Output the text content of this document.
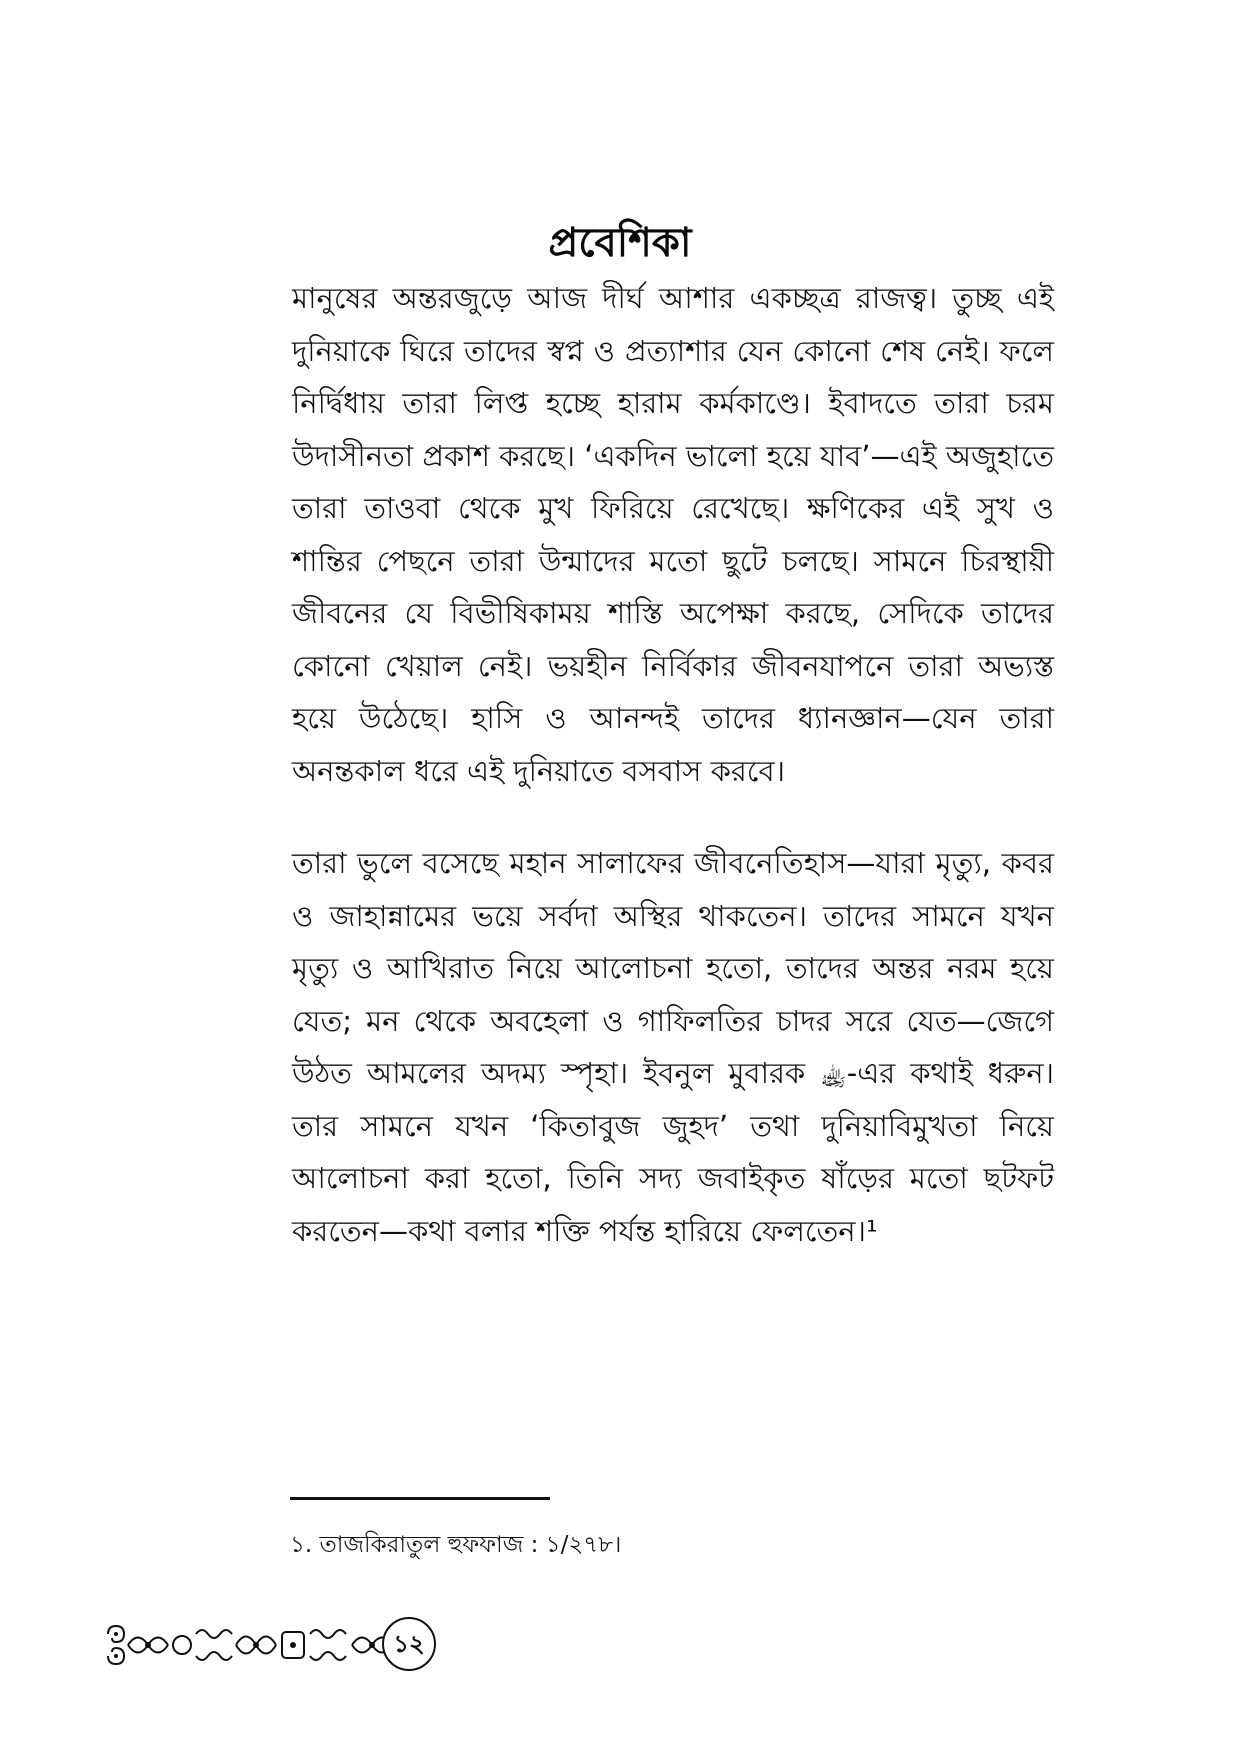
প্রবেশিকা

মানুষের অন্তরজুড়ে আজ দীর্ঘ আশার একচ্ছত্র রাজত্ব। তুচ্ছ এই দুনিয়াকে ঘিরে তাদের স্বপ্ন ও প্রত্যাশার যেন কোনো শেষ নেই। ফলে নির্দ্বিধায় তারা লিপ্ত হচ্ছে হারাম কর্মকাণ্ডে। ইবাদতে তারা চরম উদাসীনতা প্রকাশ করছে। ‘একদিন ভালো হয়ে যাব’—এই অজুহাতে তারা তাওবা থেকে মুখ ফিরিয়ে রেখেছে। ক্ষণিকের এই সুখ ও শান্তির পেছনে তারা উন্মাদের মতো ছুটে চলছে। সামনে চিরস্থায়ী জীবনের যে বিভীষিকাময় শাস্তি অপেক্ষা করছে, সেদিকে তাদের কোনো খেয়াল নেই। ভয়হীন নির্বিকার জীবনযাপনে তারা অভ্যস্ত হয়ে উঠেছে। হাসি ও আনন্দই তাদের ধ্যানজ্ঞান—যেন তারা অনন্তকাল ধরে এই দুনিয়াতে বসবাস করবে।

তারা ভুলে বসেছে মহান সালাফের জীবনেতিহাস—যারা মৃত্যু, কবর ও জাহান্নামের ভয়ে সর্বদা অস্থির থাকতেন। তাদের সামনে যখন মৃত্যু ও আখিরাত নিয়ে আলোচনা হতো, তাদের অন্তর নরম হয়ে যেত; মন থেকে অবহেলা ও গাফিলতির চাদর সরে যেত—জেগে উঠত আমলের অদম্য স্পৃহা। ইবনুল মুবারক ﵀-এর কথাই ধরুন। তার সামনে যখন ‘কিতাবুজ জুহদ’ তথা দুনিয়াবিমুখতা নিয়ে আলোচনা করা হতো, তিনি সদ্য জবাইকৃত ষাঁড়ের মতো ছটফট করতেন—কথা বলার শক্তি পর্যন্ত হারিয়ে ফেলতেন।¹

১. তাজকিরাতুল হুফফাজ : ১/২৭৮।
১২
